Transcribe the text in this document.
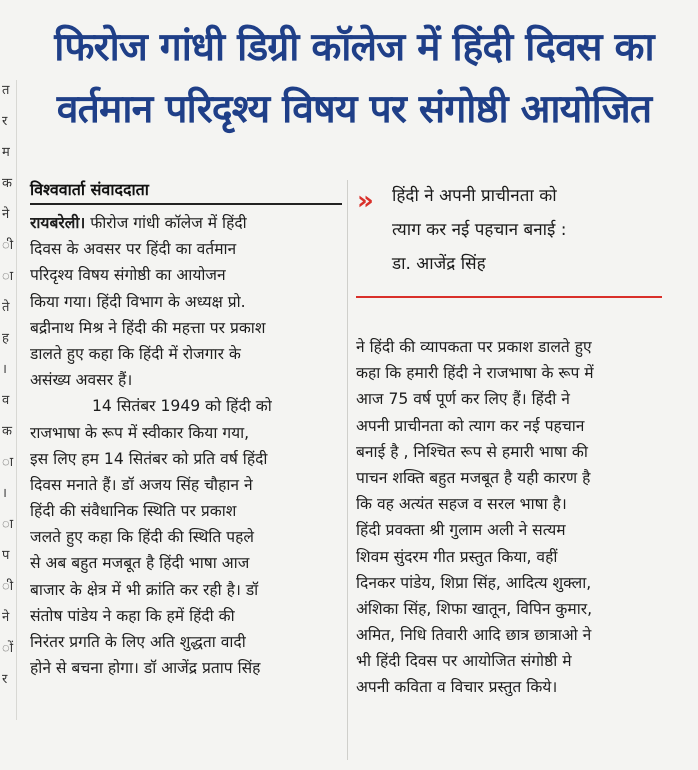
त
र
म
क
ने
ी
ा
ते
ह
।
व
क
ा
।
ा
प
ी
ने
ों
र
फिरोज गांधी डिग्री कॉलेज में हिंदी दिवस का
वर्तमान परिदृश्य विषय पर संगोष्ठी आयोजित
विश्ववार्ता संवाददाता
रायबरेली। फीरोज गांधी कॉलेज में हिंदी
दिवस के अवसर पर हिंदी का वर्तमान
परिदृश्य विषय संगोष्ठी का आयोजन
किया गया। हिंदी विभाग के अध्यक्ष प्रो.
बद्रीनाथ मिश्र ने हिंदी की महत्ता पर प्रकाश
डालते हुए कहा कि हिंदी में रोजगार के
असंख्य अवसर हैं।
14 सितंबर 1949 को हिंदी को
राजभाषा के रूप में स्वीकार किया गया,
इस लिए हम 14 सितंबर को प्रति वर्ष हिंदी
दिवस मनाते हैं। डॉ अजय सिंह चौहान ने
हिंदी की संवैधानिक स्थिति पर प्रकाश
जलते हुए कहा कि हिंदी की स्थिति पहले
से अब बहुत मजबूत है हिंदी भाषा आज
बाजार के क्षेत्र में भी क्रांति कर रही है। डॉ
संतोष पांडेय ने कहा कि हमें हिंदी की
निरंतर प्रगति के लिए अति शुद्धता वादी
होने से बचना होगा। डॉ आजेंद्र प्रताप सिंह
» हिंदी ने अपनी प्राचीनता को
त्याग कर नई पहचान बनाई :
डा. आजेंद्र सिंह
ने हिंदी की व्यापकता पर प्रकाश डालते हुए
कहा कि हमारी हिंदी ने राजभाषा के रूप में
आज 75 वर्ष पूर्ण कर लिए हैं। हिंदी ने
अपनी प्राचीनता को त्याग कर नई पहचान
बनाई है , निश्चित रूप से हमारी भाषा की
पाचन शक्ति बहुत मजबूत है यही कारण है
कि वह अत्यंत सहज व सरल भाषा है।
हिंदी प्रवक्ता श्री गुलाम अली ने सत्यम
शिवम सुंदरम गीत प्रस्तुत किया, वहीं
दिनकर पांडेय, शिप्रा सिंह, आदित्य शुक्ला,
अंशिका सिंह, शिफा खातून, विपिन कुमार,
अमित, निधि तिवारी आदि छात्र छात्राओ ने
भी हिंदी दिवस पर आयोजित संगोष्ठी मे
अपनी कविता व विचार प्रस्तुत किये।
